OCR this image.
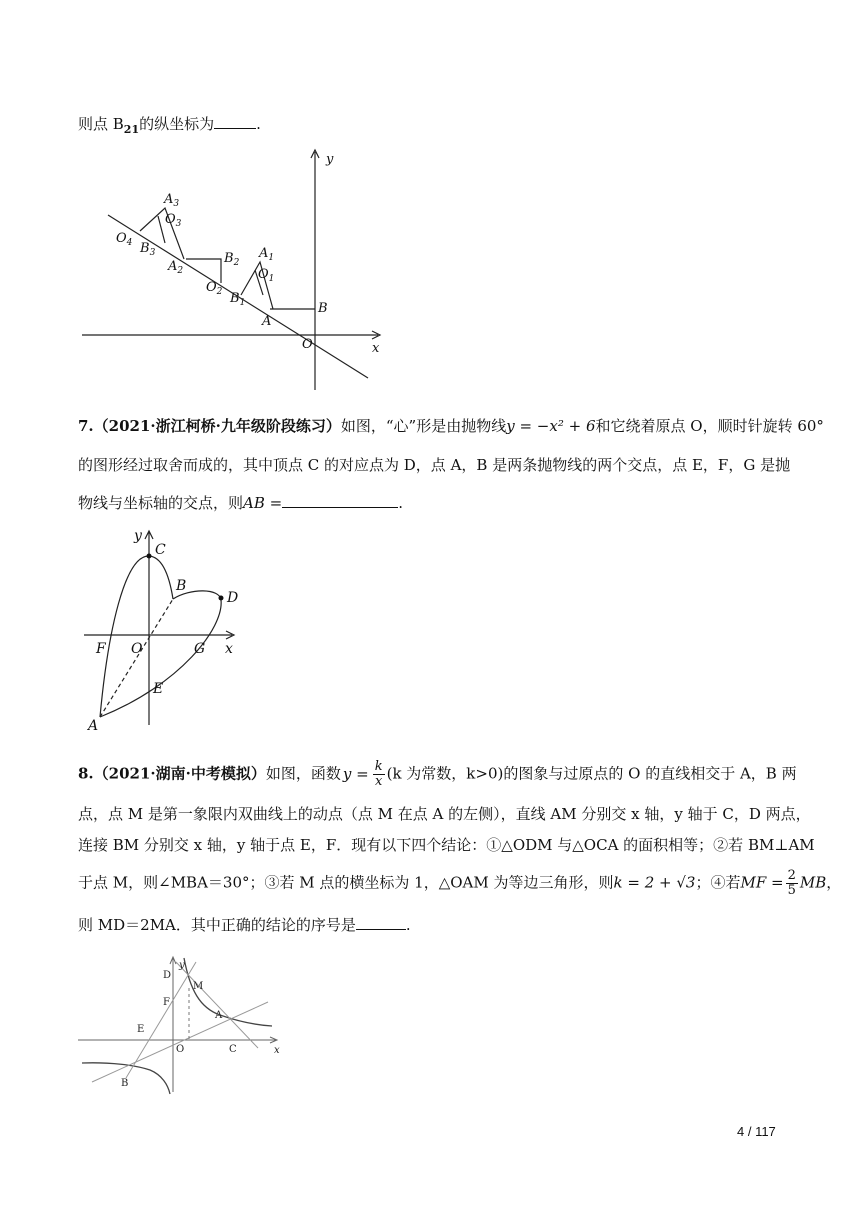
则点 $B_{21}$的纵坐标为	.
y
x
O
B
A
$B_1$
$O_1$
$A_1$
$O_2$
$B_2$
$A_2$
$B_3$
$O_3$
$A_3$
$O_4$
7.（2021·浙江柯桥·九年级阶段练习）如图，“心”形是由抛物线y = −x² + 6和它绕着原点 O，顺时针旋转 60°
的图形经过取舍而成的，其中顶点 C 的对应点为 D，点 A，B 是两条抛物线的两个交点，点 E，F，G 是抛
物线与坐标轴的交点，则AB =	.
y
x
C
B
D
F O	G
E
A
8.（2021·湖南·中考模拟）如图，函数 $y = \frac{k}{x} (k$ 为常数，k>0)的图象与过原点的 O 的直线相交于 A，B 两
点，点 M 是第一象限内双曲线上的动点（点 M 在点 A 的左侧），直线 AM 分别交 x 轴，y 轴于 C，D 两点，
连接 BM 分别交 x 轴，y 轴于点 E，F．现有以下四个结论：①△ODM 与△OCA 的面积相等；②若 BM⊥AM
于点 M，则∠MBA＝30°；③若 M 点的横坐标为 1，△OAM 为等边三角形，则k = 2 + √3；④若MF = $\frac{2}{5}$ MB，
则 MD＝2MA．其中正确的结论的序号是	.
y
x
D
M
F
A
E
O	C
B
4 / 117
